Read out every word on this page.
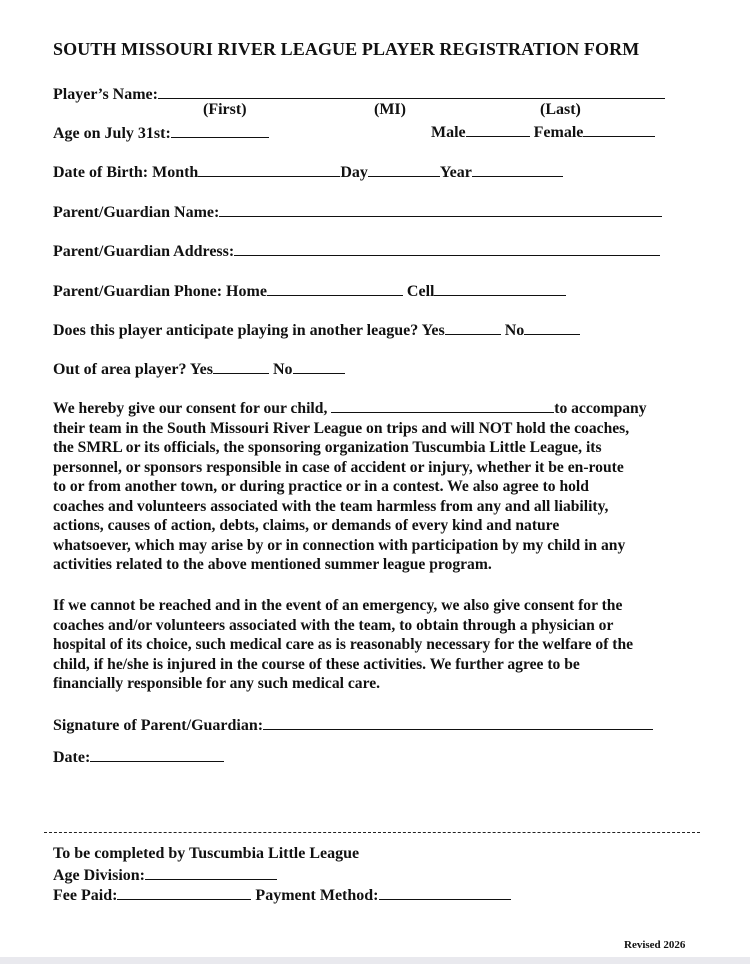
SOUTH MISSOURI RIVER LEAGUE PLAYER REGISTRATION FORM
Player’s Name:
(First)	(MI)	(Last)
Age on July 31st:	Male	Female
Date of Birth: Month	Day	Year
Parent/Guardian Name:
Parent/Guardian Address:
Parent/Guardian Phone: Home	Cell
Does this player anticipate playing in another league? Yes	No
Out of area player? Yes	No
We hereby give our consent for our child,	to accompany
their team in the South Missouri River League on trips and will NOT hold the coaches,
the SMRL or its officials, the sponsoring organization Tuscumbia Little League, its
personnel, or sponsors responsible in case of accident or injury, whether it be en-route
to or from another town, or during practice or in a contest. We also agree to hold
coaches and volunteers associated with the team harmless from any and all liability,
actions, causes of action, debts, claims, or demands of every kind and nature
whatsoever, which may arise by or in connection with participation by my child in any
activities related to the above mentioned summer league program.
If we cannot be reached and in the event of an emergency, we also give consent for the
coaches and/or volunteers associated with the team, to obtain through a physician or
hospital of its choice, such medical care as is reasonably necessary for the welfare of the
child, if he/she is injured in the course of these activities. We further agree to be
financially responsible for any such medical care.
Signature of Parent/Guardian:
Date:
To be completed by Tuscumbia Little League
Age Division:
Fee Paid:	Payment Method:
Revised 2026
